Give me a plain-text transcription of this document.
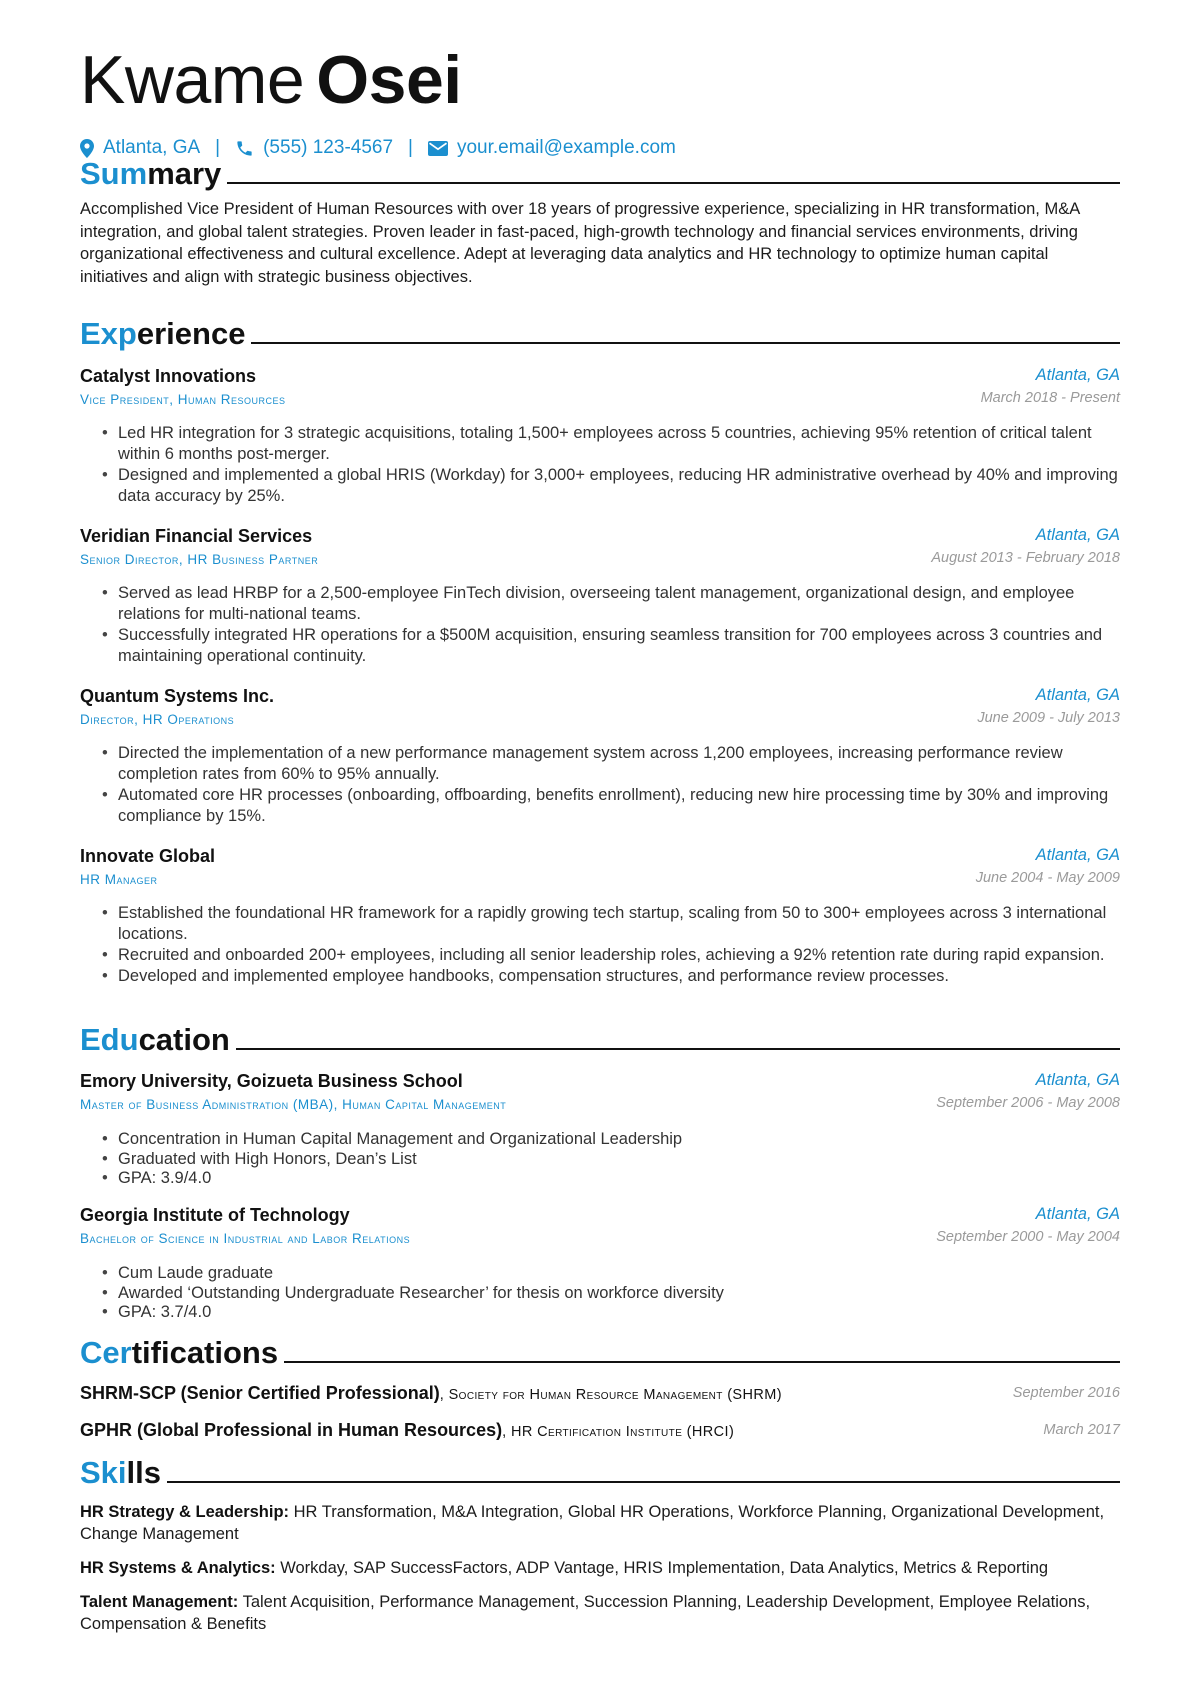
Kwame Osei
Atlanta, GA | (555) 123-4567 | your.email@example.com
Summary
Accomplished Vice President of Human Resources with over 18 years of progressive experience, specializing in HR transformation, M&A integration, and global talent strategies. Proven leader in fast-paced, high-growth technology and financial services environments, driving organizational effectiveness and cultural excellence. Adept at leveraging data analytics and HR technology to optimize human capital initiatives and align with strategic business objectives.
Experience
Catalyst Innovations	Atlanta, GA
Vice President, Human Resources	March 2018 - Present
• Led HR integration for 3 strategic acquisitions, totaling 1,500+ employees across 5 countries, achieving 95% retention of critical talent within 6 months post-merger.
• Designed and implemented a global HRIS (Workday) for 3,000+ employees, reducing HR administrative overhead by 40% and improving data accuracy by 25%.
Veridian Financial Services	Atlanta, GA
Senior Director, HR Business Partner	August 2013 - February 2018
• Served as lead HRBP for a 2,500-employee FinTech division, overseeing talent management, organizational design, and employee relations for multi-national teams.
• Successfully integrated HR operations for a $500M acquisition, ensuring seamless transition for 700 employees across 3 countries and maintaining operational continuity.
Quantum Systems Inc.	Atlanta, GA
Director, HR Operations	June 2009 - July 2013
• Directed the implementation of a new performance management system across 1,200 employees, increasing performance review completion rates from 60% to 95% annually.
• Automated core HR processes (onboarding, offboarding, benefits enrollment), reducing new hire processing time by 30% and improving compliance by 15%.
Innovate Global	Atlanta, GA
HR Manager	June 2004 - May 2009
• Established the foundational HR framework for a rapidly growing tech startup, scaling from 50 to 300+ employees across 3 international locations.
• Recruited and onboarded 200+ employees, including all senior leadership roles, achieving a 92% retention rate during rapid expansion.
• Developed and implemented employee handbooks, compensation structures, and performance review processes.
Education
Emory University, Goizueta Business School	Atlanta, GA
Master of Business Administration (MBA), Human Capital Management	September 2006 - May 2008
• Concentration in Human Capital Management and Organizational Leadership
• Graduated with High Honors, Dean’s List
• GPA: 3.9/4.0
Georgia Institute of Technology	Atlanta, GA
Bachelor of Science in Industrial and Labor Relations	September 2000 - May 2004
• Cum Laude graduate
• Awarded ‘Outstanding Undergraduate Researcher’ for thesis on workforce diversity
• GPA: 3.7/4.0
Certifications
SHRM-SCP (Senior Certified Professional), Society for Human Resource Management (SHRM)	September 2016
GPHR (Global Professional in Human Resources), HR Certification Institute (HRCI)	March 2017
Skills
HR Strategy & Leadership: HR Transformation, M&A Integration, Global HR Operations, Workforce Planning, Organizational Development, Change Management
HR Systems & Analytics: Workday, SAP SuccessFactors, ADP Vantage, HRIS Implementation, Data Analytics, Metrics & Reporting
Talent Management: Talent Acquisition, Performance Management, Succession Planning, Leadership Development, Employee Relations, Compensation & Benefits
